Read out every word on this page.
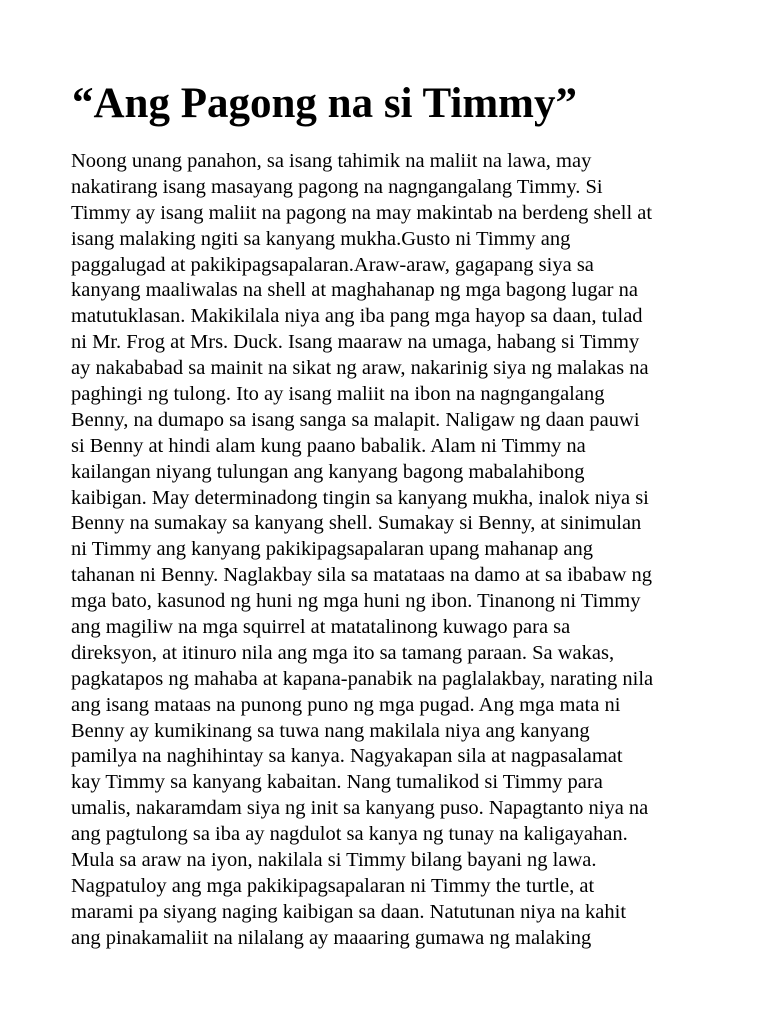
“Ang Pagong na si Timmy”
Noong unang panahon, sa isang tahimik na maliit na lawa, may
nakatirang isang masayang pagong na nagngangalang Timmy. Si
Timmy ay isang maliit na pagong na may makintab na berdeng shell at
isang malaking ngiti sa kanyang mukha.Gusto ni Timmy ang
paggalugad at pakikipagsapalaran.Araw-araw, gagapang siya sa
kanyang maaliwalas na shell at maghahanap ng mga bagong lugar na
matutuklasan. Makikilala niya ang iba pang mga hayop sa daan, tulad
ni Mr. Frog at Mrs. Duck. Isang maaraw na umaga, habang si Timmy
ay nakababad sa mainit na sikat ng araw, nakarinig siya ng malakas na
paghingi ng tulong. Ito ay isang maliit na ibon na nagngangalang
Benny, na dumapo sa isang sanga sa malapit. Naligaw ng daan pauwi
si Benny at hindi alam kung paano babalik. Alam ni Timmy na
kailangan niyang tulungan ang kanyang bagong mabalahibong
kaibigan. May determinadong tingin sa kanyang mukha, inalok niya si
Benny na sumakay sa kanyang shell. Sumakay si Benny, at sinimulan
ni Timmy ang kanyang pakikipagsapalaran upang mahanap ang
tahanan ni Benny. Naglakbay sila sa matataas na damo at sa ibabaw ng
mga bato, kasunod ng huni ng mga huni ng ibon. Tinanong ni Timmy
ang magiliw na mga squirrel at matatalinong kuwago para sa
direksyon, at itinuro nila ang mga ito sa tamang paraan. Sa wakas,
pagkatapos ng mahaba at kapana-panabik na paglalakbay, narating nila
ang isang mataas na punong puno ng mga pugad. Ang mga mata ni
Benny ay kumikinang sa tuwa nang makilala niya ang kanyang
pamilya na naghihintay sa kanya. Nagyakapan sila at nagpasalamat
kay Timmy sa kanyang kabaitan. Nang tumalikod si Timmy para
umalis, nakaramdam siya ng init sa kanyang puso. Napagtanto niya na
ang pagtulong sa iba ay nagdulot sa kanya ng tunay na kaligayahan.
Mula sa araw na iyon, nakilala si Timmy bilang bayani ng lawa.
Nagpatuloy ang mga pakikipagsapalaran ni Timmy the turtle, at
marami pa siyang naging kaibigan sa daan. Natutunan niya na kahit
ang pinakamaliit na nilalang ay maaaring gumawa ng malaking
